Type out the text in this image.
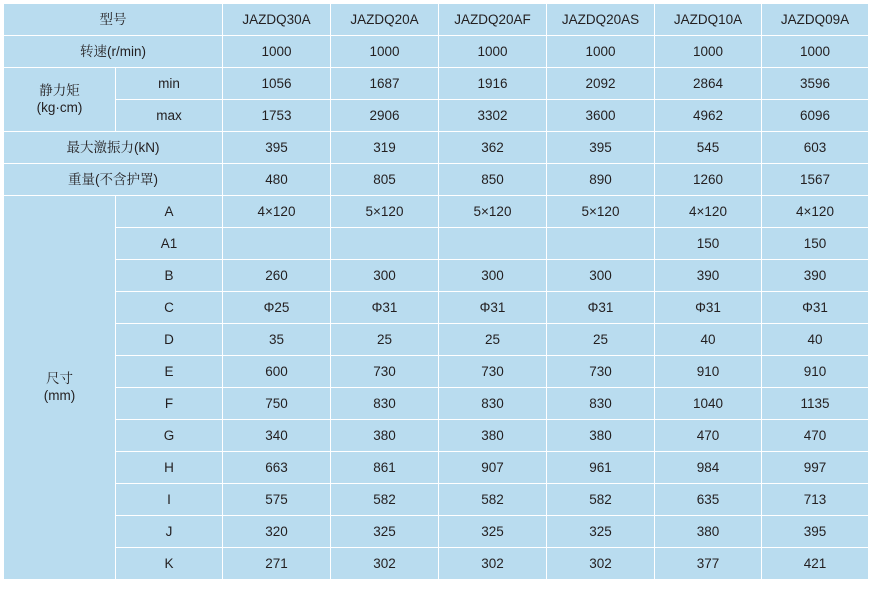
型号		JAZDQ30A	JAZDQ20A	JAZDQ20AF	JAZDQ20AS	JAZDQ10A	JAZDQ09A
转速(r/min)		1000	1000	1000	1000	1000	1000

静力矩
(kg·cm)	min	1056	1687	1916	2092	2864	3596
	max	1753	2906	3302	3600	4962	6096
最大激振力(kN)		395	319	362	395	545	603
重量(不含护罩)		480	805	850	890	1260	1567

尺寸
(mm)	A	4×120	5×120	5×120	5×120	4×120	4×120
	A1					150	150
	B	260	300	300	300	390	390
	C	Φ25	Φ31	Φ31	Φ31	Φ31	Φ31
	D	35	25	25	25	40	40
	E	600	730	730	730	910	910
	F	750	830	830	830	1040	1135
	G	340	380	380	380	470	470
	H	663	861	907	961	984	997
	I	575	582	582	582	635	713
	J	320	325	325	325	380	395
	K	271	302	302	302	377	421
